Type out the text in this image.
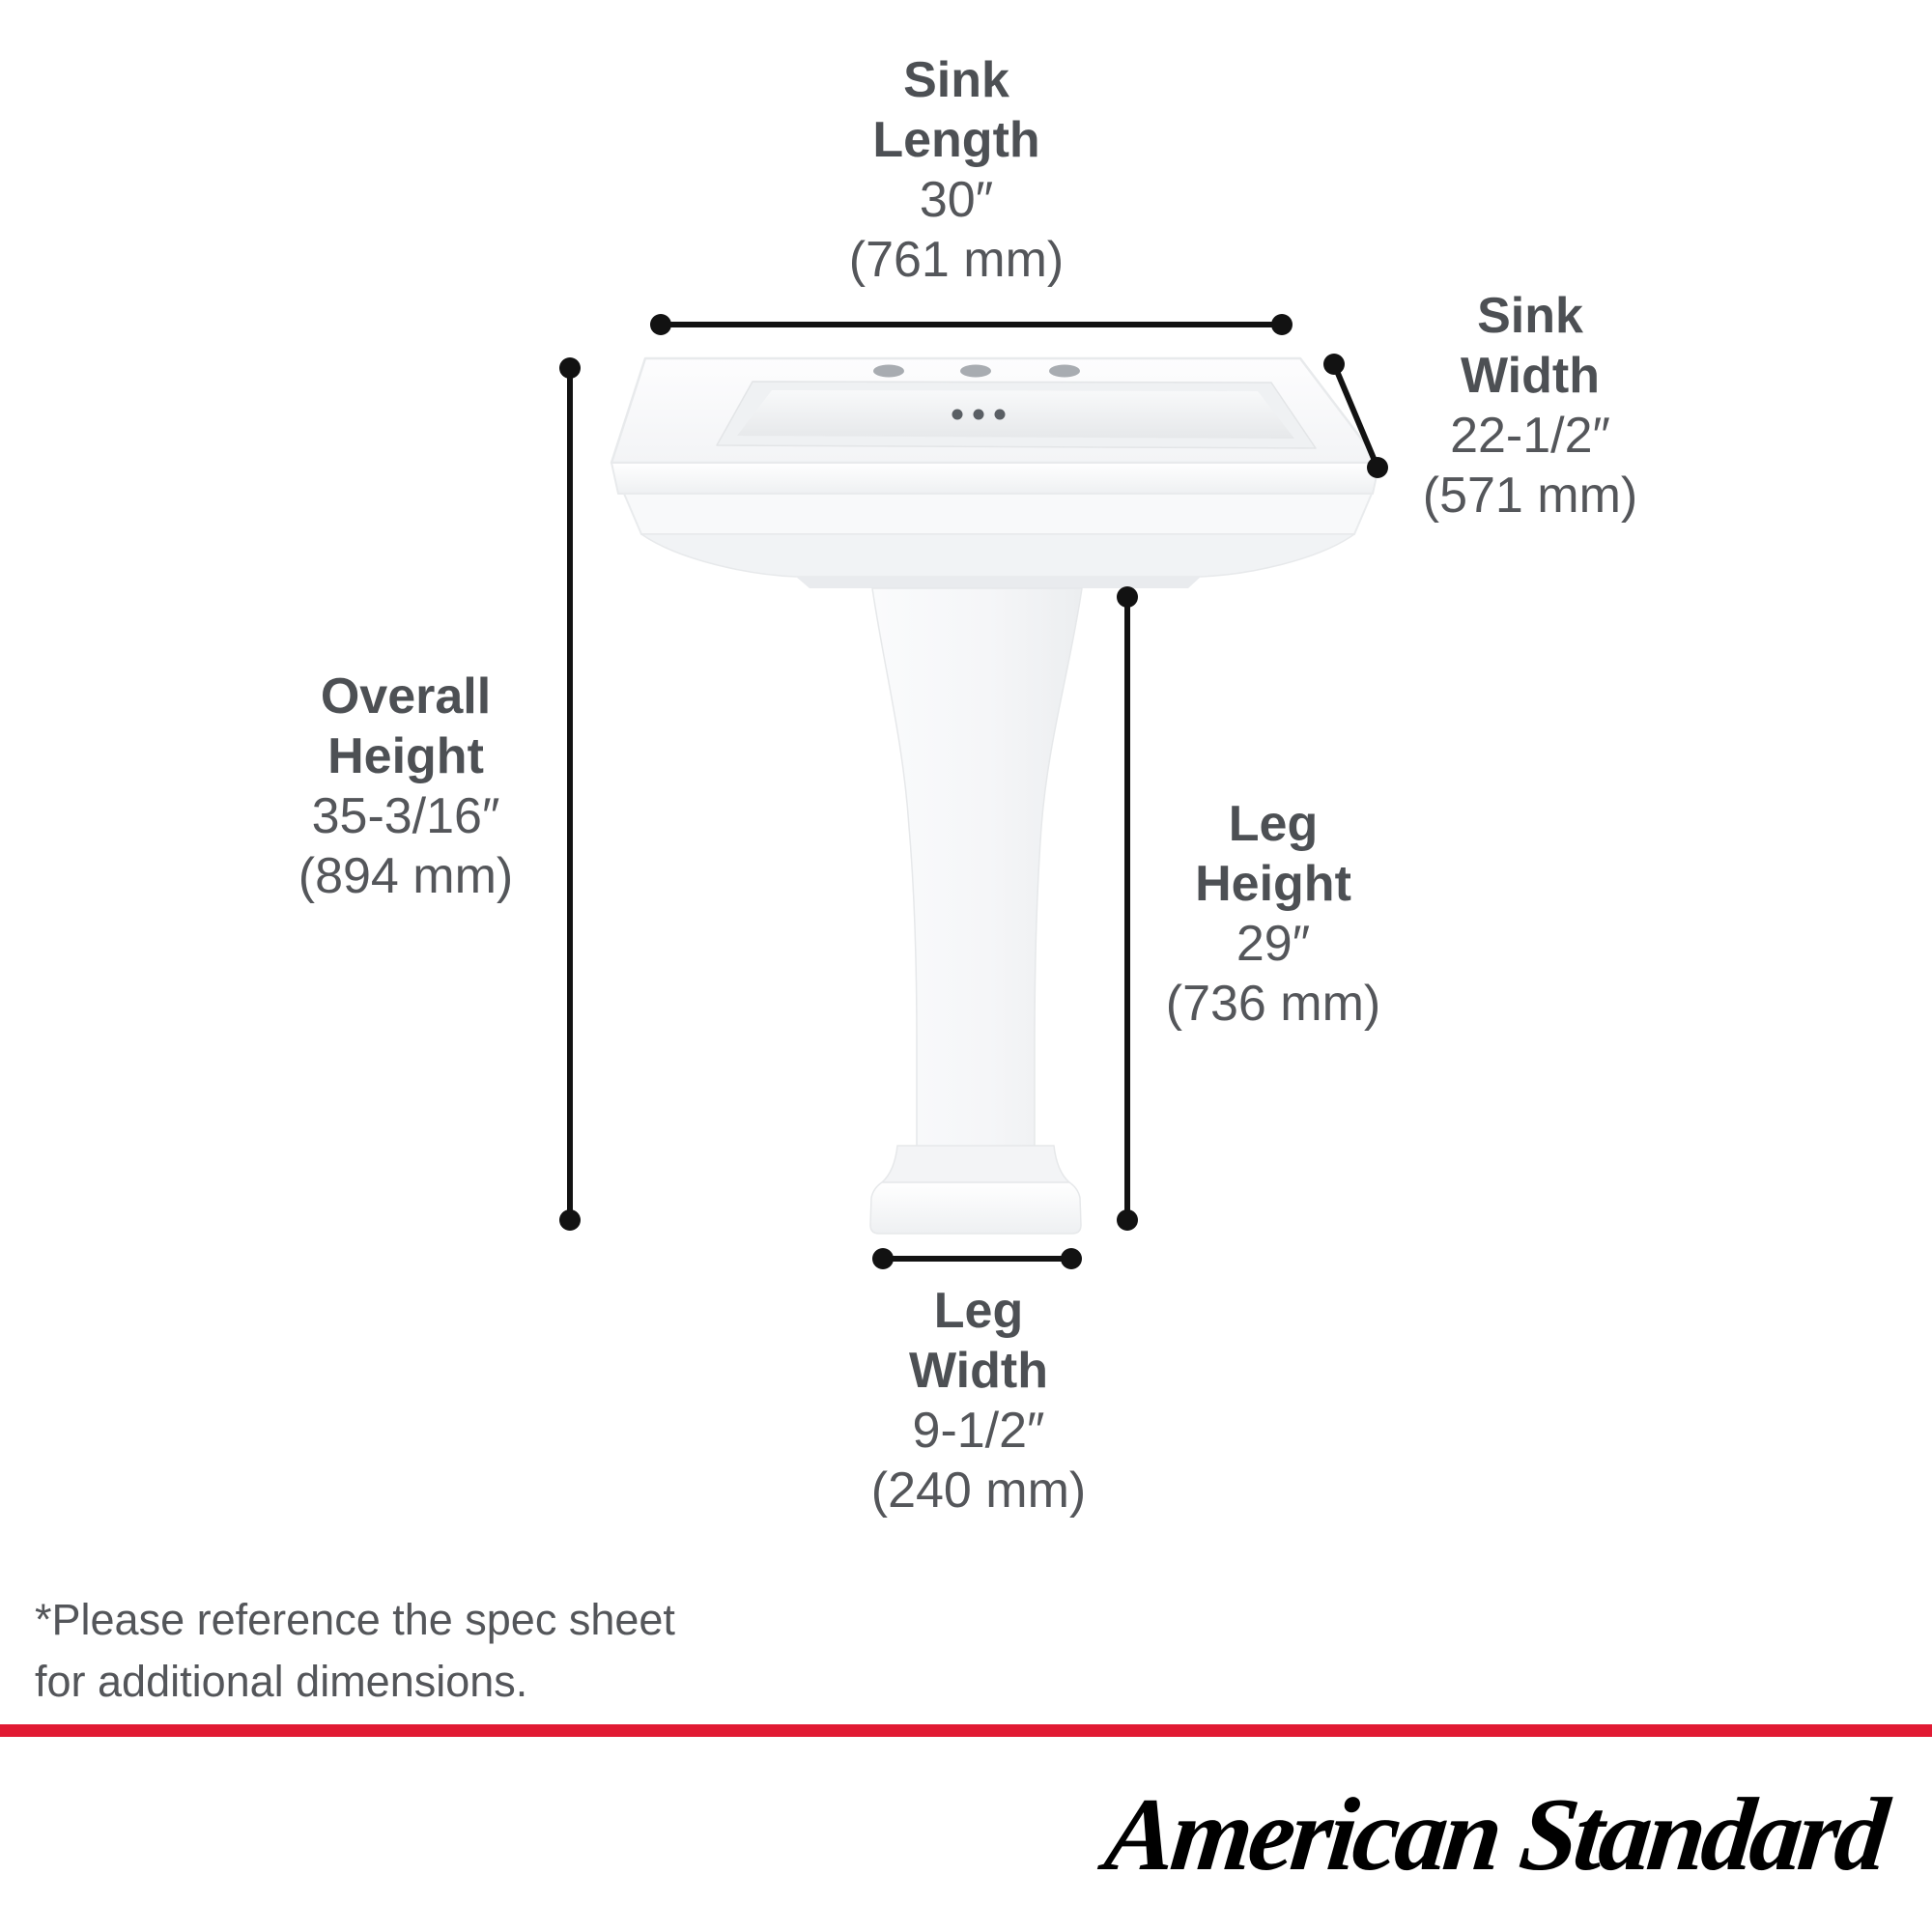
Sink
Length
30″
(761 mm)
Sink
Width
22-1/2″
(571 mm)
Overall
Height
35-3/16″
(894 mm)
Leg
Height
29″
(736 mm)
Leg
Width
9-1/2″
(240 mm)
*Please reference the spec sheet
for additional dimensions.
American Standard
